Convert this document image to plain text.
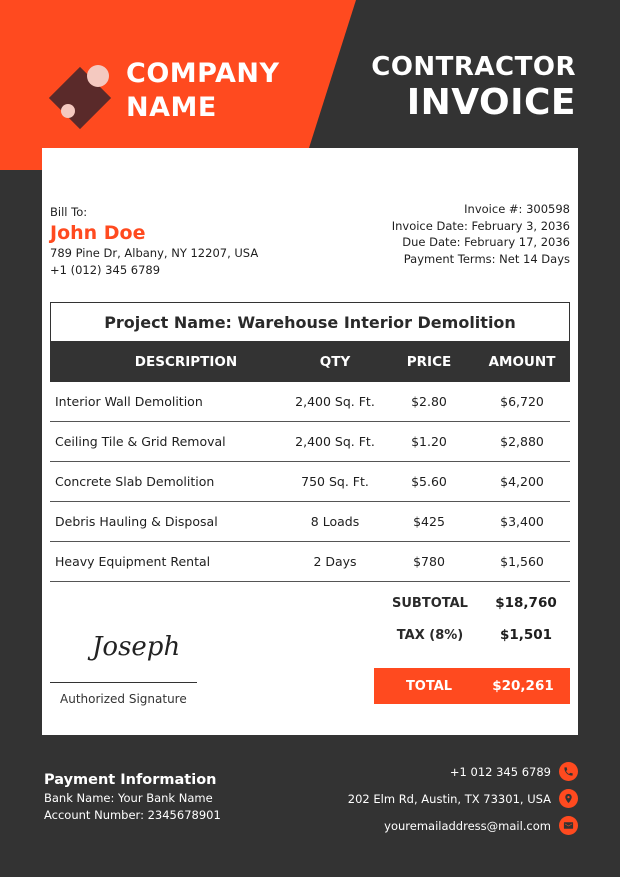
COMPANY
NAME
CONTRACTOR
INVOICE
Bill To:
John Doe
789 Pine Dr, Albany, NY 12207, USA
+1 (012) 345 6789
Invoice #: 300598
Invoice Date: February 3, 2036
Due Date: February 17, 2036
Payment Terms: Net 14 Days
Project Name: Warehouse Interior Demolition
DESCRIPTION	QTY	PRICE	AMOUNT
Interior Wall Demolition	2,400 Sq. Ft.	$2.80	$6,720
Ceiling Tile & Grid Removal	2,400 Sq. Ft.	$1.20	$2,880
Concrete Slab Demolition	750 Sq. Ft.	$5.60	$4,200
Debris Hauling & Disposal	8 Loads	$425	$3,400
Heavy Equipment Rental	2 Days	$780	$1,560
SUBTOTAL	$18,760
TAX (8%)	$1,501
TOTAL	$20,261
Joseph
Authorized Signature
Payment Information
Bank Name: Your Bank Name
Account Number: 2345678901
+1 012 345 6789
202 Elm Rd, Austin, TX 73301, USA
youremailaddress@mail.com
